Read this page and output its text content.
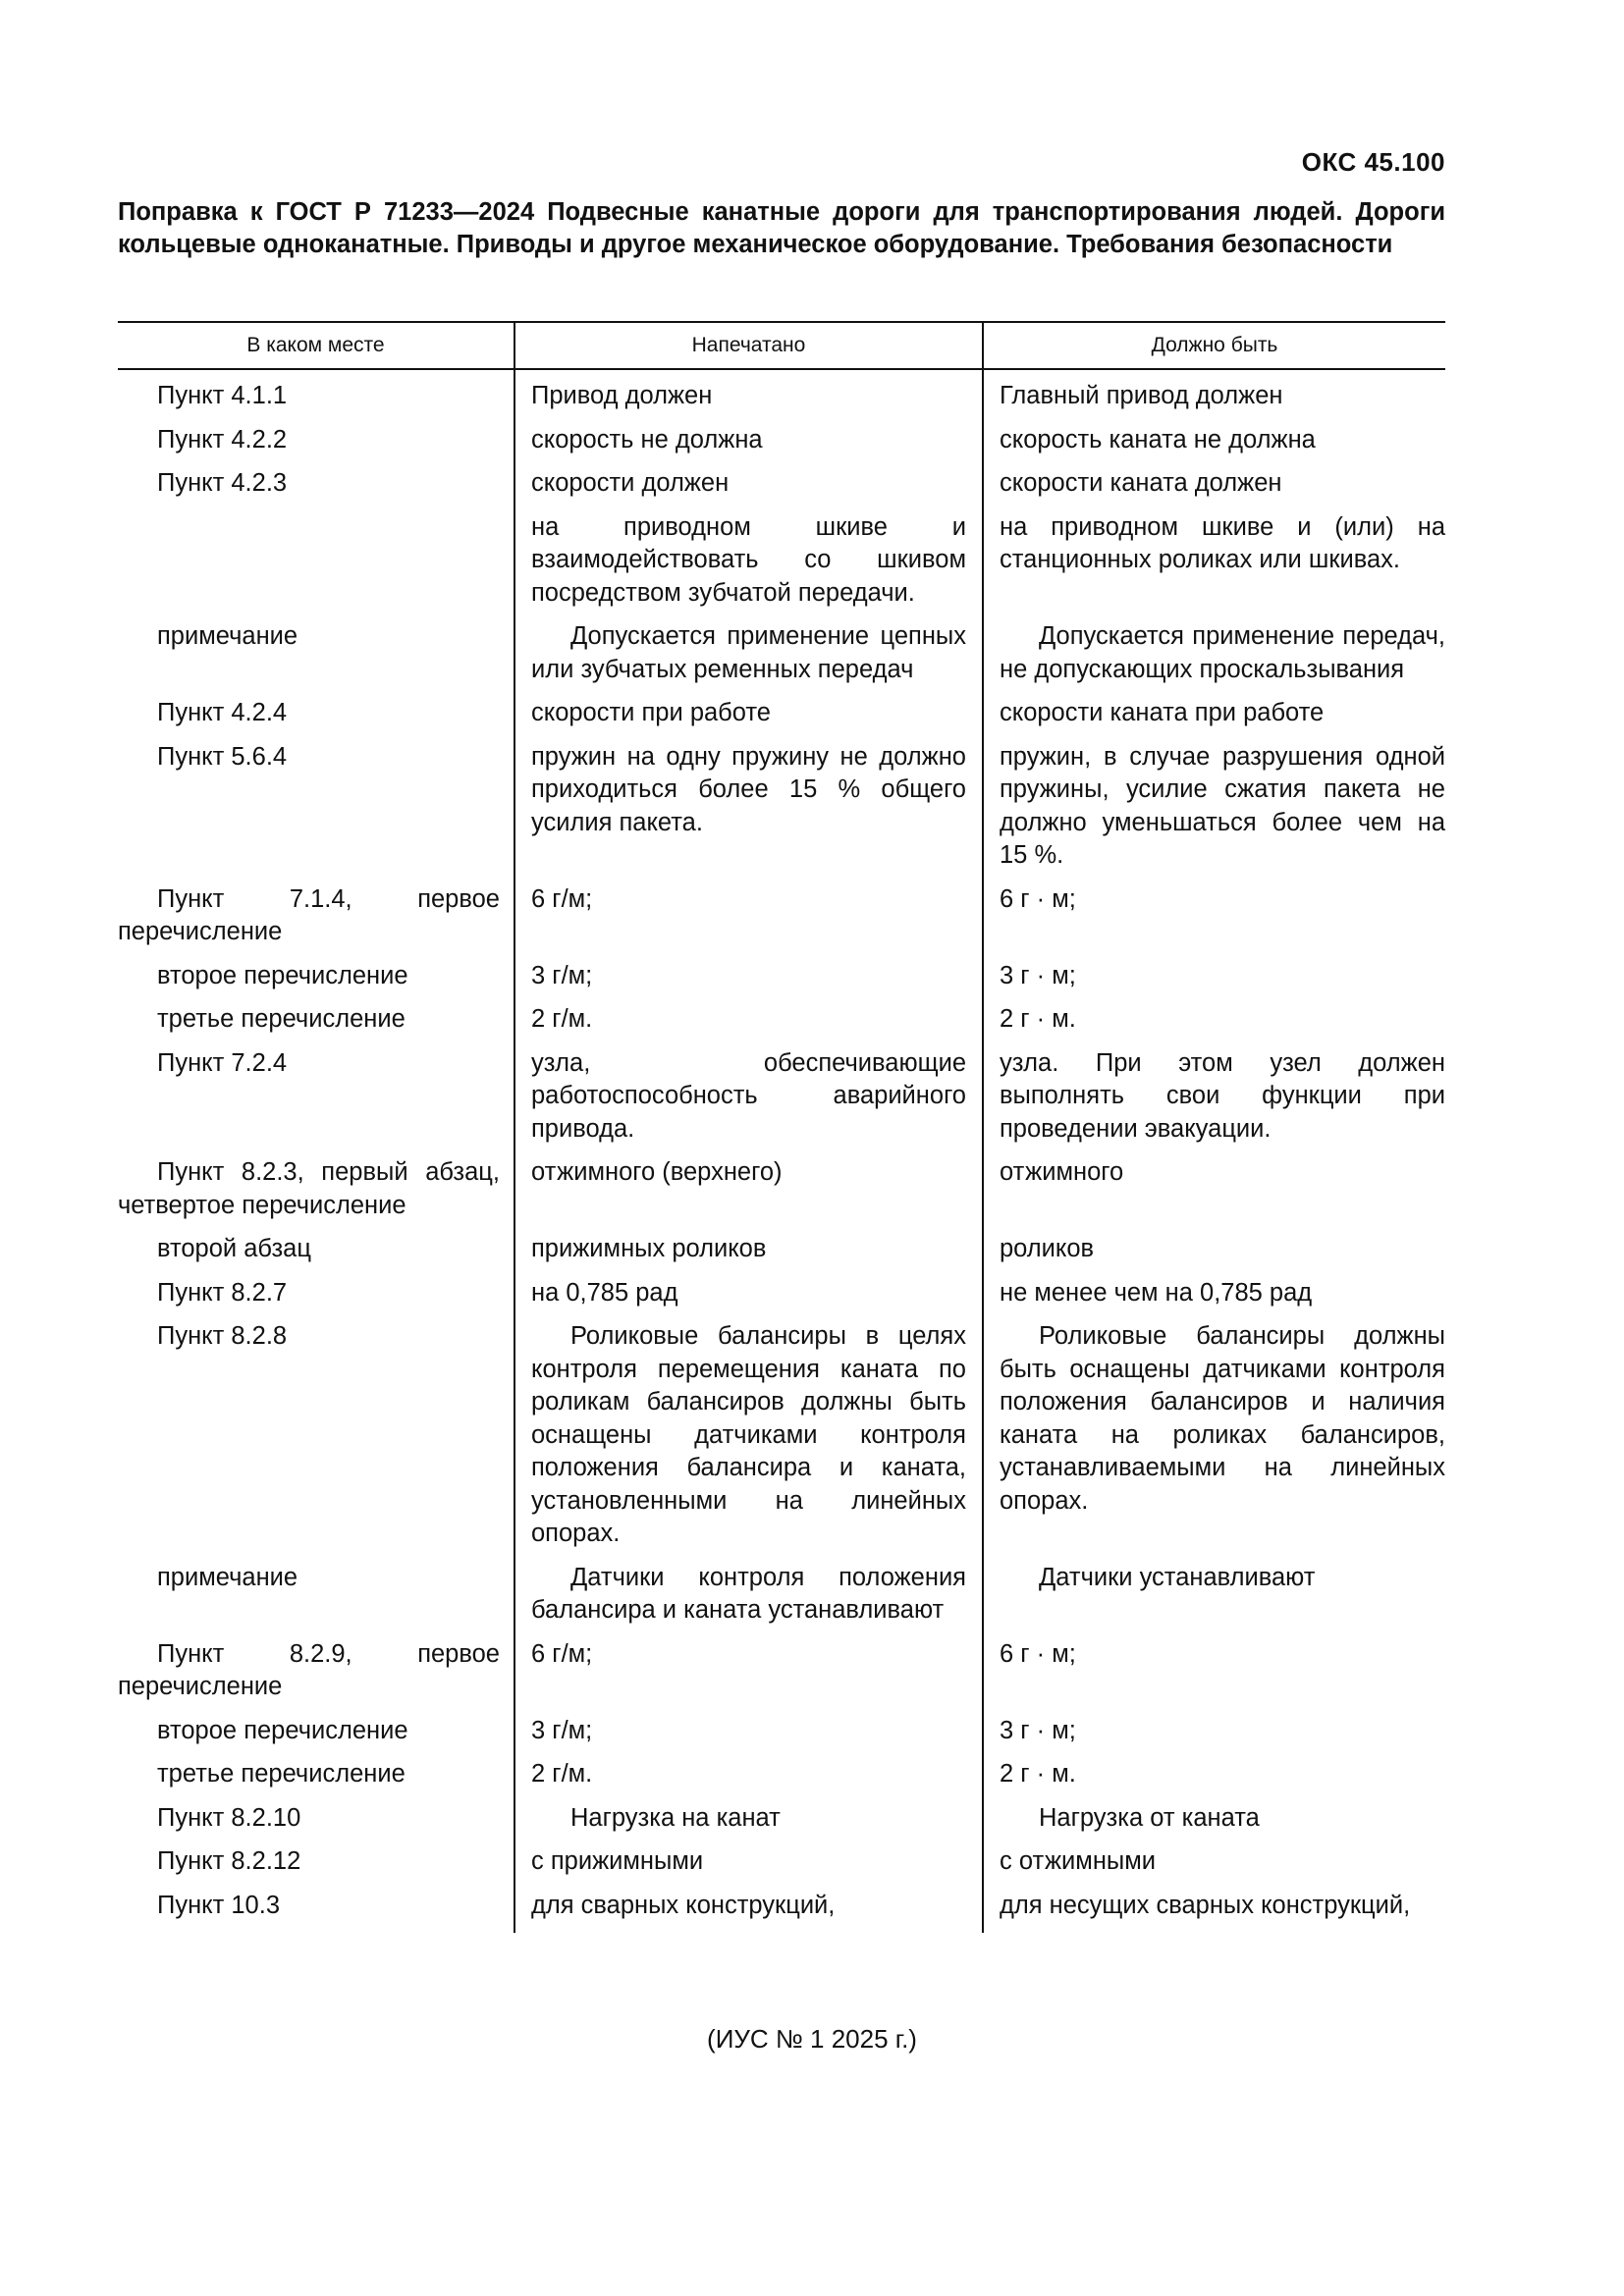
ОКС 45.100
Поправка к ГОСТ Р 71233—2024 Подвесные канатные дороги для транспортирования людей. Дороги кольцевые одноканатные. Приводы и другое механическое оборудование. Требования безопасности
В каком месте	Напечатано	Должно быть

Пункт 4.1.1	Привод должен	Главный привод должен

Пункт 4.2.2	скорость не должна	скорость каната не должна

Пункт 4.2.3	скорости должен	скорости каната должен

	на приводном шкиве и взаимодействовать со шкивом посредством зубчатой передачи.	на приводном шкиве и (или) на станционных роликах или шкивах.

примечание	Допускается применение цепных или зубчатых ременных передач	Допускается применение передач, не допускающих проскальзывания

Пункт 4.2.4	скорости при работе	скорости каната при работе

Пункт 5.6.4	пружин на одну пружину не должно приходиться более 15 % общего усилия пакета.	пружин, в случае разрушения одной пружины, усилие сжатия пакета не должно уменьшаться более чем на 15 %.

Пункт 7.1.4, первое перечисление	6 г/м;	6 г · м;

второе перечисление	3 г/м;	3 г · м;

третье перечисление	2 г/м.	2 г · м.

Пункт 7.2.4	узла, обеспечивающие работоспособность аварийного привода.	узла. При этом узел должен выполнять свои функции при проведении эвакуации.

Пункт 8.2.3, первый абзац, четвертое перечисление	отжимного (верхнего)	отжимного

второй абзац	прижимных роликов	роликов

Пункт 8.2.7	на 0,785 рад	не менее чем на 0,785 рад

Пункт 8.2.8	Роликовые балансиры в целях контроля перемещения каната по роликам балансиров должны быть оснащены датчиками контроля положения балансира и каната, установленными на линейных опорах.	Роликовые балансиры должны быть оснащены датчиками контроля положения балансиров и наличия каната на роликах балансиров, устанавливаемыми на линейных опорах.

примечание	Датчики контроля положения балансира и каната устанавливают	Датчики устанавливают

Пункт 8.2.9, первое перечисление	6 г/м;	6 г · м;

второе перечисление	3 г/м;	3 г · м;

третье перечисление	2 г/м.	2 г · м.

Пункт 8.2.10	Нагрузка на канат	Нагрузка от каната

Пункт 8.2.12	с прижимными	с отжимными

Пункт 10.3	для сварных конструкций,	для несущих сварных конструкций,
(ИУС № 1 2025 г.)
